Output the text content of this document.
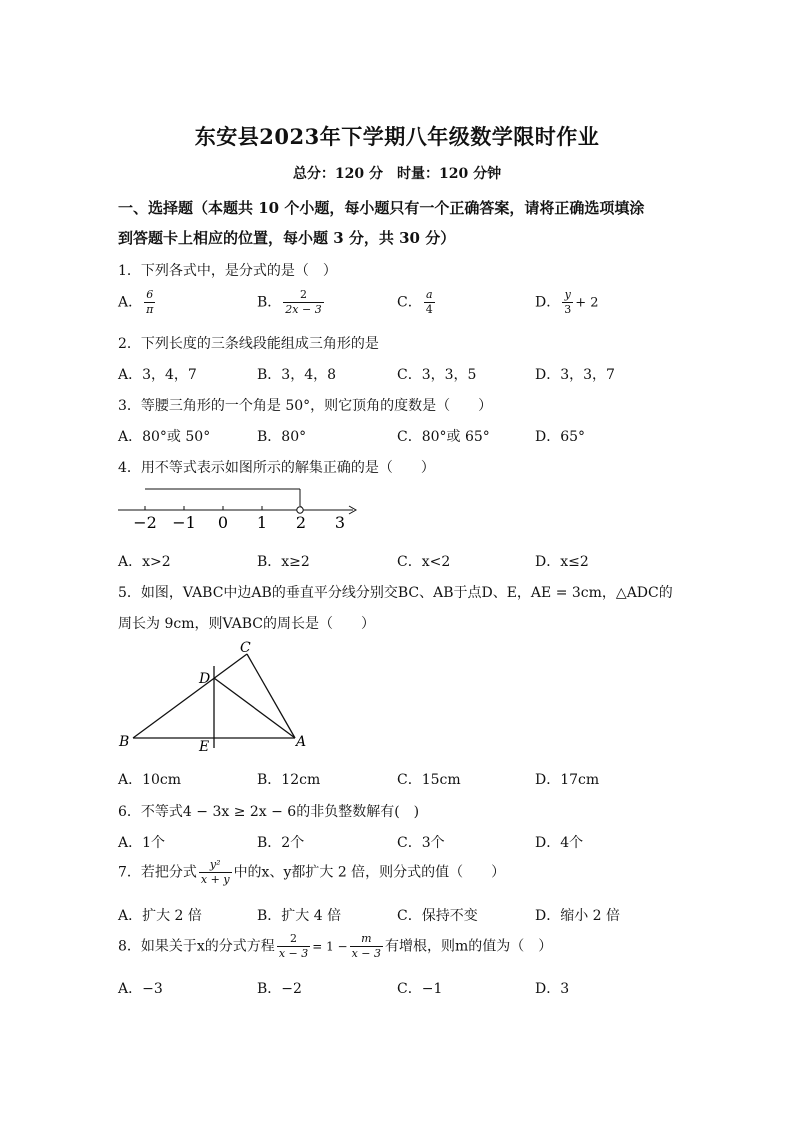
东安县2023年下学期八年级数学限时作业
总分：120 分　时量：120 分钟
一、选择题（本题共 10 个小题，每小题只有一个正确答案，请将正确选项填涂
到答题卡上相应的位置，每小题 3 分，共 30 分）
1．下列各式中，是分式的是（　）
A． $\frac{6}{\pi}$	B． $\frac{2}{2x - 3}$	C． $\frac{a}{4}$	D． $\frac{y}{3} + 2$
2．下列长度的三条线段能组成三角形的是
A．3，4，7	B．3，4，8	C．3，3，5	D．3，3，7
3．等腰三角形的一个角是 50°，则它顶角的度数是（　　）
A．80°或 50°	B．80°	C．80°或 65°	D．65°
4．用不等式表示如图所示的解集正确的是（　　）
−2 −1 0 1 2 3
A．x>2	B．x≥2	C．x<2	D．x≤2
5．如图，VABC中边AB的垂直平分线分别交BC、AB于点D、E，AE = 3cm，△ADC的
周长为 9cm，则VABC的周长是（　　）
C
D
B	E	A
A．10cm	B．12cm	C．15cm	D．17cm
6．不等式4 − 3x ≥ 2x − 6的非负整数解有(　)
A．1个	B．2个	C．3个	D．4个
7．若把分式 $\frac{\text{y²}}{x + y}$ 中的x、y都扩大 2 倍，则分式的值（　　）
A．扩大 2 倍	B．扩大 4 倍	C．保持不变	D．缩小 2 倍
8．如果关于x的分式方程 $\frac{2}{x - 3} = 1 - \frac{m}{x - 3}$ 有增根，则m的值为（　）
A．−3	B．−2	C．−1	D．3
